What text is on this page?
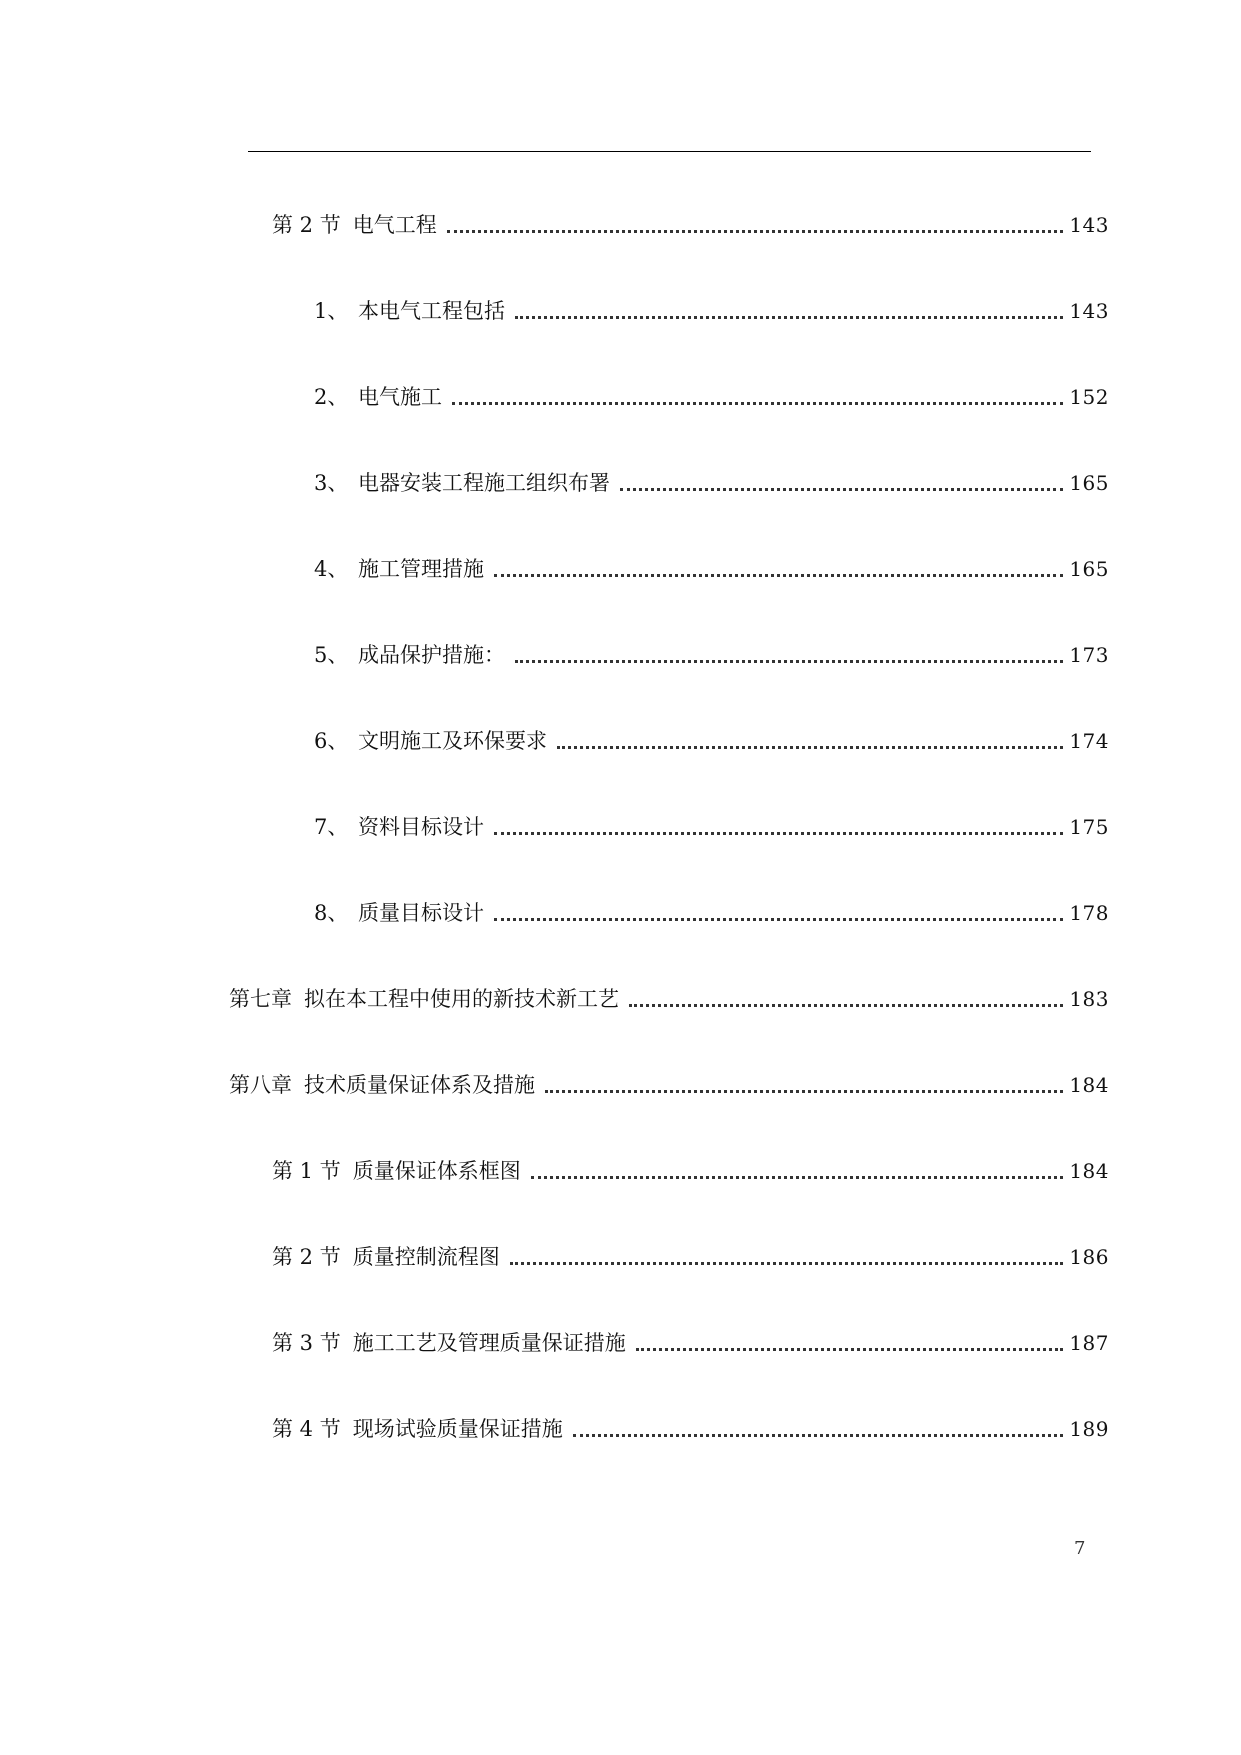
第 2 节 电气工程	143
1、 本电气工程包括	143
2、 电气施工	152
3、 电器安装工程施工组织布署	165
4、 施工管理措施	165
5、 成品保护措施：	173
6、 文明施工及环保要求	174
7、 资料目标设计	175
8、 质量目标设计	178
第七章 拟在本工程中使用的新技术新工艺	183
第八章 技术质量保证体系及措施	184
第 1 节 质量保证体系框图	184
第 2 节 质量控制流程图	186
第 3 节 施工工艺及管理质量保证措施	187
第 4 节 现场试验质量保证措施	189
7
